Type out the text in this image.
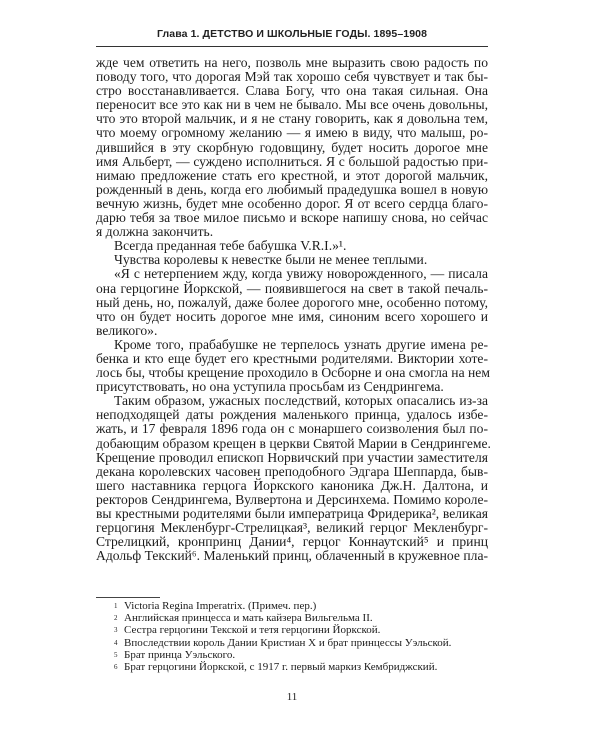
Глава 1. ДЕТСТВО И ШКОЛЬНЫЕ ГОДЫ. 1895–1908
жде чем ответить на него, позволь мне выразить свою радость по
поводу того, что дорогая Мэй так хорошо себя чувствует и так бы-
стро восстанавливается. Слава Богу, что она такая сильная. Она
переносит все это как ни в чем не бывало. Мы все очень довольны,
что это второй мальчик, и я не стану говорить, как я довольна тем,
что моему огромному желанию — я имею в виду, что малыш, ро-
дившийся в эту скорбную годовщину, будет носить дорогое мне
имя Альберт, — суждено исполниться. Я с большой радостью при-
нимаю предложение стать его крестной, и этот дорогой мальчик,
рожденный в день, когда его любимый прадедушка вошел в новую
вечную жизнь, будет мне особенно дорог. Я от всего сердца благо-
дарю тебя за твое милое письмо и вскоре напишу снова, но сейчас
я должна закончить.
Всегда преданная тебе бабушка V.R.I.»¹.
Чувства королевы к невестке были не менее теплыми.
«Я с нетерпением жду, когда увижу новорожденного, — писала
она герцогине Йоркской, — появившегося на свет в такой печаль-
ный день, но, пожалуй, даже более дорогого мне, особенно потому,
что он будет носить дорогое мне имя, синоним всего хорошего и
великого».
Кроме того, прабабушке не терпелось узнать другие имена ре-
бенка и кто еще будет его крестными родителями. Виктории хоте-
лось бы, чтобы крещение проходило в Осборне и она смогла на нем
присутствовать, но она уступила просьбам из Сендрингема.
Таким образом, ужасных последствий, которых опасались из-за
неподходящей даты рождения маленького принца, удалось избе-
жать, и 17 февраля 1896 года он с монаршего соизволения был по-
добающим образом крещен в церкви Святой Марии в Сендрингеме.
Крещение проводил епископ Норвичский при участии заместителя
декана королевских часовен преподобного Эдгара Шеппарда, быв-
шего наставника герцога Йоркского каноника Дж.Н. Далтона, и
ректоров Сендрингема, Вулвертона и Дерсинхема. Помимо короле-
вы крестными родителями были императрица Фридерика², великая
герцогиня Мекленбург-Стрелицкая³, великий герцог Мекленбург-
Стрелицкий, кронпринц Дании⁴, герцог Коннаутский⁵ и принц
Адольф Текский⁶. Маленький принц, облаченный в кружевное пла-
1 Victoria Regina Imperatrix. (Примеч. пер.)
2 Английская принцесса и мать кайзера Вильгельма II.
3 Сестра герцогини Текской и тетя герцогини Йоркской.
4 Впоследствии король Дании Кристиан X и брат принцессы Уэльской.
5 Брат принца Уэльского.
6 Брат герцогини Йоркской, с 1917 г. первый маркиз Кембриджский.
11
